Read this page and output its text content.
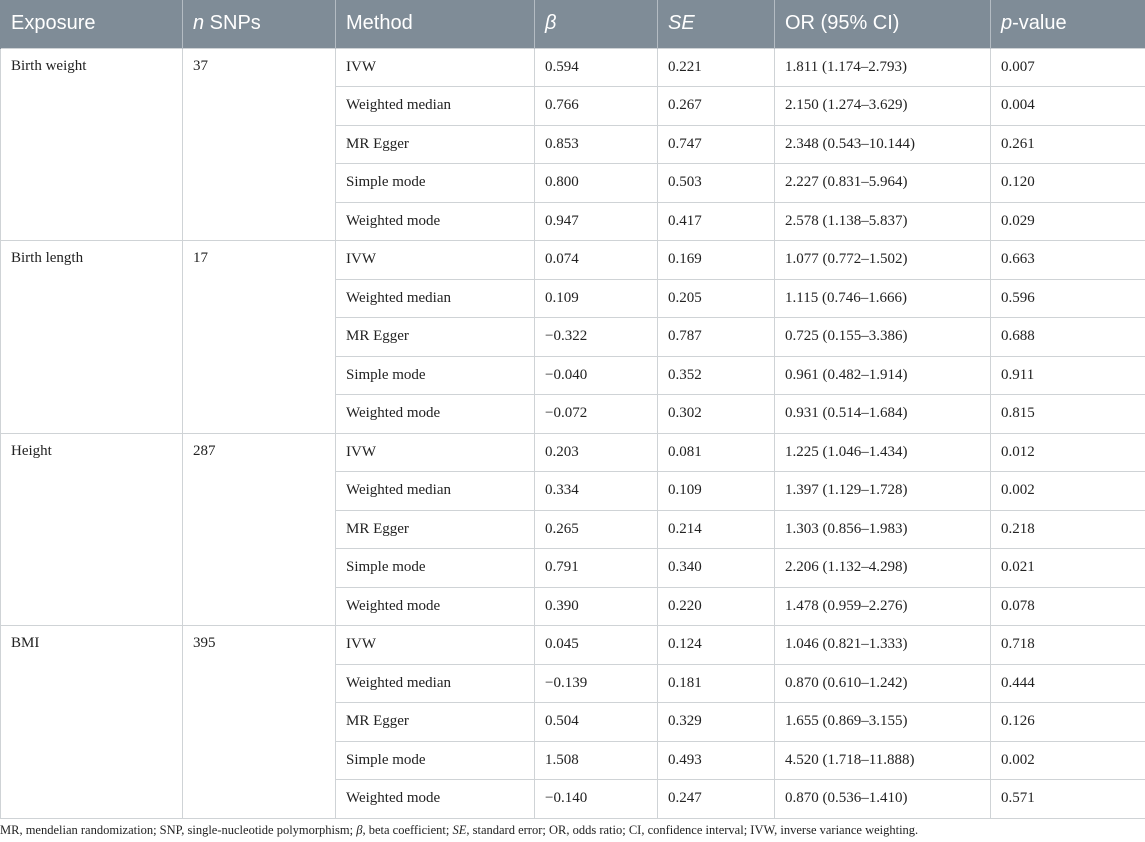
Exposure	n SNPs	Method	β	SE	OR (95% CI)	p-value
Birth weight	37	IVW	0.594	0.221	1.811 (1.174–2.793)	0.007
		Weighted median	0.766	0.267	2.150 (1.274–3.629)	0.004
		MR Egger	0.853	0.747	2.348 (0.543–10.144)	0.261
		Simple mode	0.800	0.503	2.227 (0.831–5.964)	0.120
		Weighted mode	0.947	0.417	2.578 (1.138–5.837)	0.029
Birth length	17	IVW	0.074	0.169	1.077 (0.772–1.502)	0.663
		Weighted median	0.109	0.205	1.115 (0.746–1.666)	0.596
		MR Egger	−0.322	0.787	0.725 (0.155–3.386)	0.688
		Simple mode	−0.040	0.352	0.961 (0.482–1.914)	0.911
		Weighted mode	−0.072	0.302	0.931 (0.514–1.684)	0.815
Height	287	IVW	0.203	0.081	1.225 (1.046–1.434)	0.012
		Weighted median	0.334	0.109	1.397 (1.129–1.728)	0.002
		MR Egger	0.265	0.214	1.303 (0.856–1.983)	0.218
		Simple mode	0.791	0.340	2.206 (1.132–4.298)	0.021
		Weighted mode	0.390	0.220	1.478 (0.959–2.276)	0.078
BMI	395	IVW	0.045	0.124	1.046 (0.821–1.333)	0.718
		Weighted median	−0.139	0.181	0.870 (0.610–1.242)	0.444
		MR Egger	0.504	0.329	1.655 (0.869–3.155)	0.126
		Simple mode	1.508	0.493	4.520 (1.718–11.888)	0.002
		Weighted mode	−0.140	0.247	0.870 (0.536–1.410)	0.571
MR, mendelian randomization; SNP, single-nucleotide polymorphism; β, beta coefficient; SE, standard error; OR, odds ratio; CI, confidence interval; IVW, inverse variance weighting.
